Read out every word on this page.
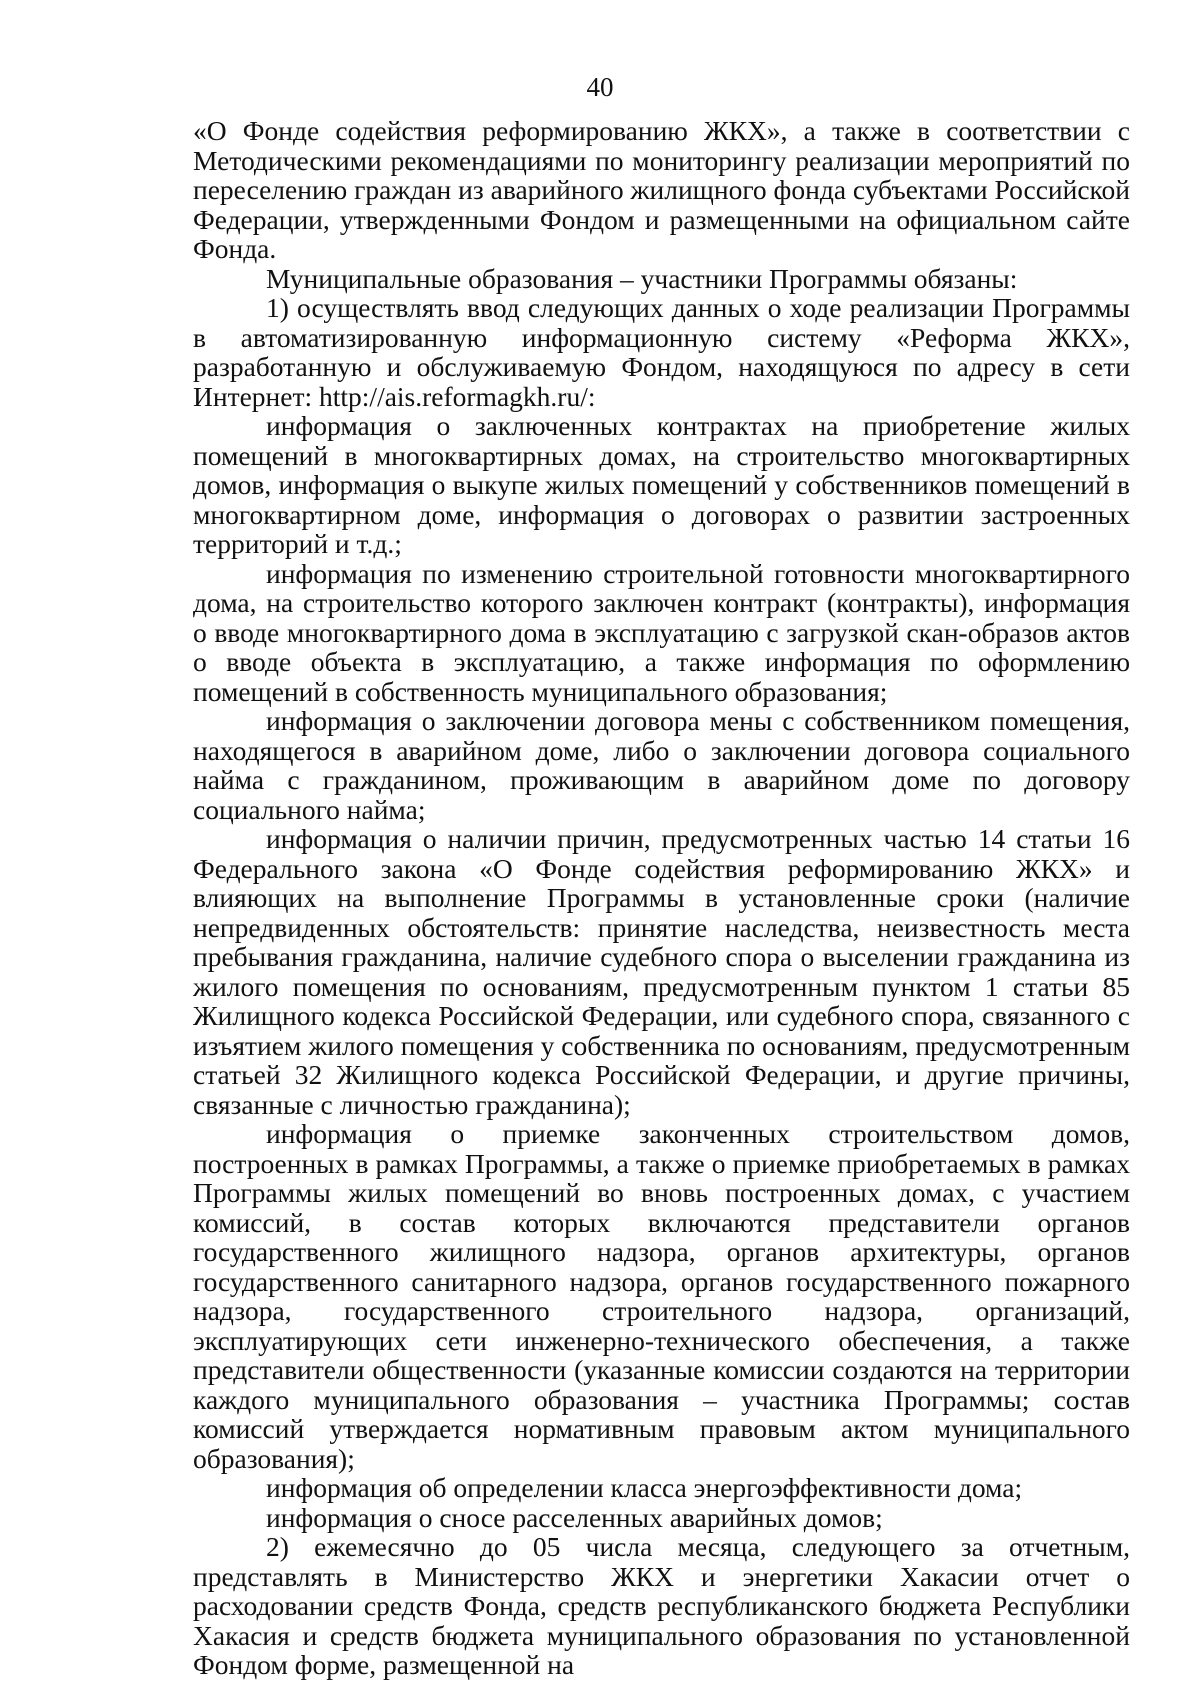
40

«О Фонде содействия реформированию ЖКХ», а также в соответствии с Методическими рекомендациями по мониторингу реализации мероприятий по переселению граждан из аварийного жилищного фонда субъектами Российской Федерации, утвержденными Фондом и размещенными на официальном сайте Фонда.

Муниципальные образования – участники Программы обязаны:

1) осуществлять ввод следующих данных о ходе реализации Программы в автоматизированную информационную систему «Реформа ЖКХ», разработанную и обслуживаемую Фондом, находящуюся по адресу в сети Интернет: http://ais.reformagkh.ru/:

информация о заключенных контрактах на приобретение жилых помещений в многоквартирных домах, на строительство многоквартирных домов, информация о выкупе жилых помещений у собственников помещений в многоквартирном доме, информация о договорах о развитии застроенных территорий и т.д.;

информация по изменению строительной готовности многоквартирного дома, на строительство которого заключен контракт (контракты), информация о вводе многоквартирного дома в эксплуатацию с загрузкой скан-образов актов о вводе объекта в эксплуатацию, а также информация по оформлению помещений в собственность муниципального образования;

информация о заключении договора мены с собственником помещения, находящегося в аварийном доме, либо о заключении договора социального найма с гражданином, проживающим в аварийном доме по договору социального найма;

информация о наличии причин, предусмотренных частью 14 статьи 16 Федерального закона «О Фонде содействия реформированию ЖКХ» и влияющих на выполнение Программы в установленные сроки (наличие непредвиденных обстоятельств: принятие наследства, неизвестность места пребывания гражданина, наличие судебного спора о выселении гражданина из жилого помещения по основаниям, предусмотренным пунктом 1 статьи 85 Жилищного кодекса Российской Федерации, или судебного спора, связанного с изъятием жилого помещения у собственника по основаниям, предусмотренным статьей 32 Жилищного кодекса Российской Федерации, и другие причины, связанные с личностью гражданина);

информация о приемке законченных строительством домов, построенных в рамках Программы, а также о приемке приобретаемых в рамках Программы жилых помещений во вновь построенных домах, с участием комиссий, в состав которых включаются представители органов государственного жилищного надзора, органов архитектуры, органов государственного санитарного надзора, органов государственного пожарного надзора, государственного строительного надзора, организаций, эксплуатирующих сети инженерно-технического обеспечения, а также представители общественности (указанные комиссии создаются на территории каждого муниципального образования – участника Программы; состав комиссий утверждается нормативным правовым актом муниципального образования);

информация об определении класса энергоэффективности дома;

информация о сносе расселенных аварийных домов;

2) ежемесячно до 05 числа месяца, следующего за отчетным, представлять в Министерство ЖКХ и энергетики Хакасии отчет о расходовании средств Фонда, средств республиканского бюджета Республики Хакасия и средств бюджета муниципального образования по установленной Фондом форме, размещенной на
